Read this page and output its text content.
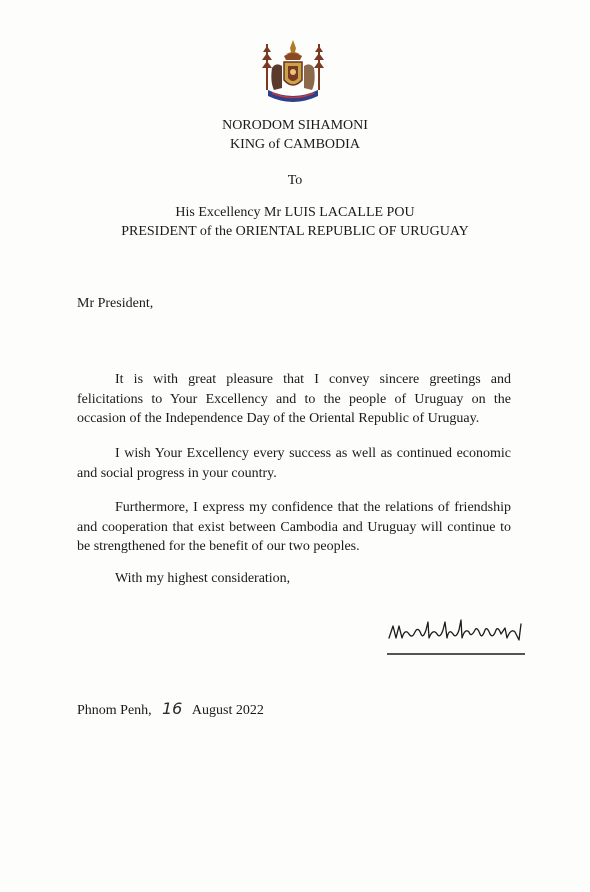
NORODOM SIHAMONI
KING of CAMBODIA
To
His Excellency Mr LUIS LACALLE POU
PRESIDENT of the ORIENTAL REPUBLIC OF URUGUAY
Mr President,

It is with great pleasure that I convey sincere greetings and felicitations to Your Excellency and to the people of Uruguay on the occasion of the Independence Day of the Oriental Republic of Uruguay.

I wish Your Excellency every success as well as continued economic and social progress in your country.

Furthermore, I express my confidence that the relations of friendship and cooperation that exist between Cambodia and Uruguay will continue to be strengthened for the benefit of our two peoples.

With my highest consideration,
Phnom Penh, 16 August 2022
